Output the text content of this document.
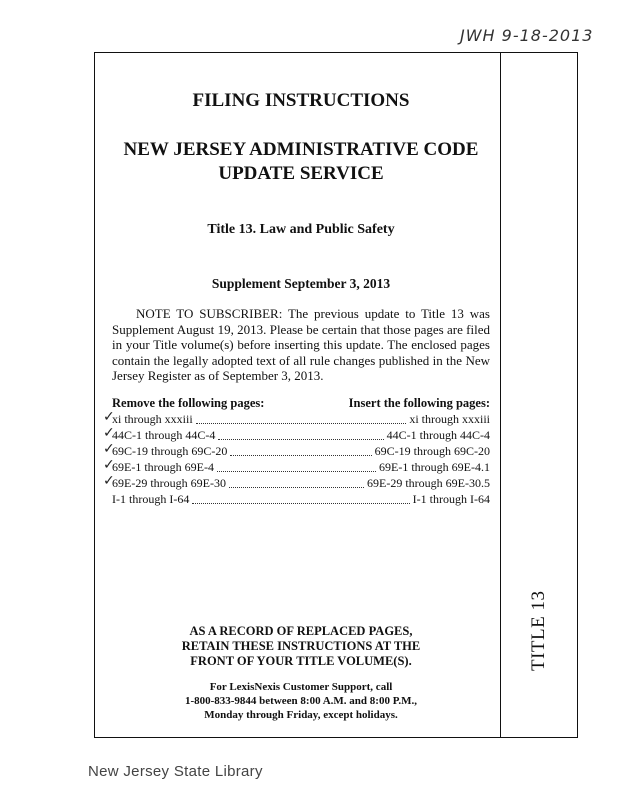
JWH 9-18-2013
TITLE 13
FILING INSTRUCTIONS
NEW JERSEY ADMINISTRATIVE CODE
UPDATE SERVICE
Title 13. Law and Public Safety
Supplement September 3, 2013
NOTE TO SUBSCRIBER: The previous update to Title 13 was Supplement August 19, 2013. Please be certain that those pages are filed in your Title volume(s) before inserting this update. The enclosed pages contain the legally adopted text of all rule changes published in the New Jersey Register as of September 3, 2013.
Remove the following pages:	Insert the following pages:
✓
xi through xxxiii	xi through xxxiii
✓
44C-1 through 44C-4	44C-1 through 44C-4
✓
69C-19 through 69C-20	69C-19 through 69C-20
✓
69E-1 through 69E-4	69E-1 through 69E-4.1
✓
69E-29 through 69E-30	69E-29 through 69E-30.5
I-1 through I-64	I-1 through I-64
AS A RECORD OF REPLACED PAGES,
RETAIN THESE INSTRUCTIONS AT THE
FRONT OF YOUR TITLE VOLUME(S).
For LexisNexis Customer Support, call
1-800-833-9844 between 8:00 A.M. and 8:00 P.M.,
Monday through Friday, except holidays.
New Jersey State Library
